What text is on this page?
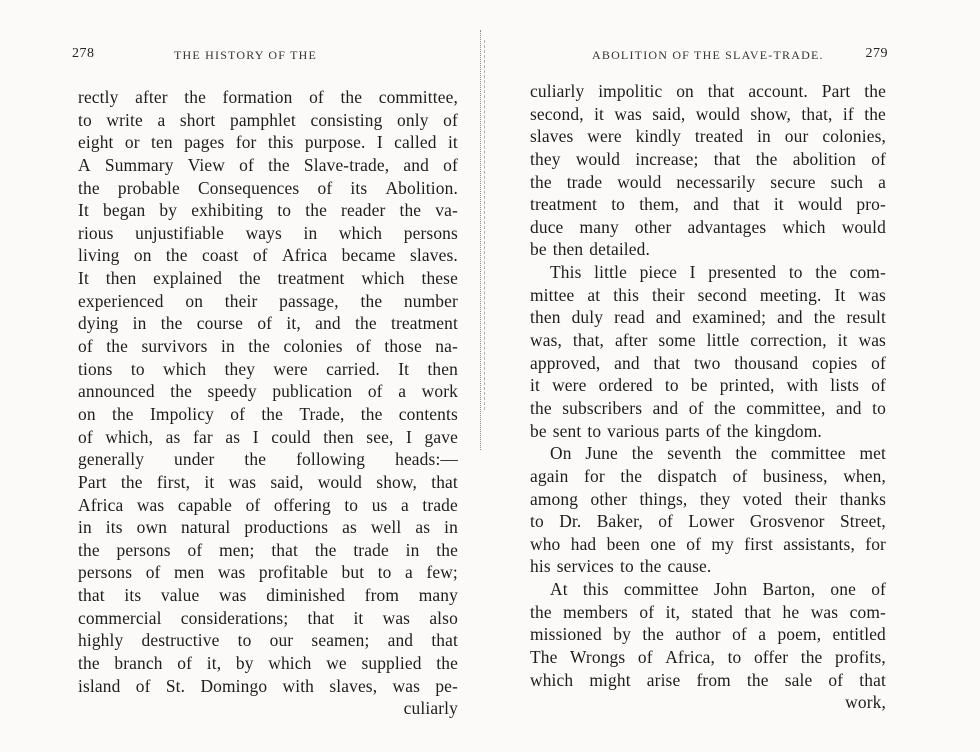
278	THE HISTORY OF THE
rectly after the formation of the committee,
to write a short pamphlet consisting only of
eight or ten pages for this purpose. I called it
A Summary View of the Slave-trade, and of
the probable Consequences of its Abolition.
It began by exhibiting to the reader the va-
rious unjustifiable ways in which persons
living on the coast of Africa became slaves.
It then explained the treatment which these
experienced on their passage, the number
dying in the course of it, and the treatment
of the survivors in the colonies of those na-
tions to which they were carried. It then
announced the speedy publication of a work
on the Impolicy of the Trade, the contents
of which, as far as I could then see, I gave
generally under the following heads:—
Part the first, it was said, would show, that
Africa was capable of offering to us a trade
in its own natural productions as well as in
the persons of men; that the trade in the
persons of men was profitable but to a few;
that its value was diminished from many
commercial considerations; that it was also
highly destructive to our seamen; and that
the branch of it, by which we supplied the
island of St. Domingo with slaves, was pe-
culiarly
ABOLITION OF THE SLAVE-TRADE.	279
culiarly impolitic on that account. Part the
second, it was said, would show, that, if the
slaves were kindly treated in our colonies,
they would increase; that the abolition of
the trade would necessarily secure such a
treatment to them, and that it would pro-
duce many other advantages which would
be then detailed.
This little piece I presented to the com-
mittee at this their second meeting. It was
then duly read and examined; and the result
was, that, after some little correction, it was
approved, and that two thousand copies of
it were ordered to be printed, with lists of
the subscribers and of the committee, and to
be sent to various parts of the kingdom.
On June the seventh the committee met
again for the dispatch of business, when,
among other things, they voted their thanks
to Dr. Baker, of Lower Grosvenor Street,
who had been one of my first assistants, for
his services to the cause.
At this committee John Barton, one of
the members of it, stated that he was com-
missioned by the author of a poem, entitled
The Wrongs of Africa, to offer the profits,
which might arise from the sale of that
work,
